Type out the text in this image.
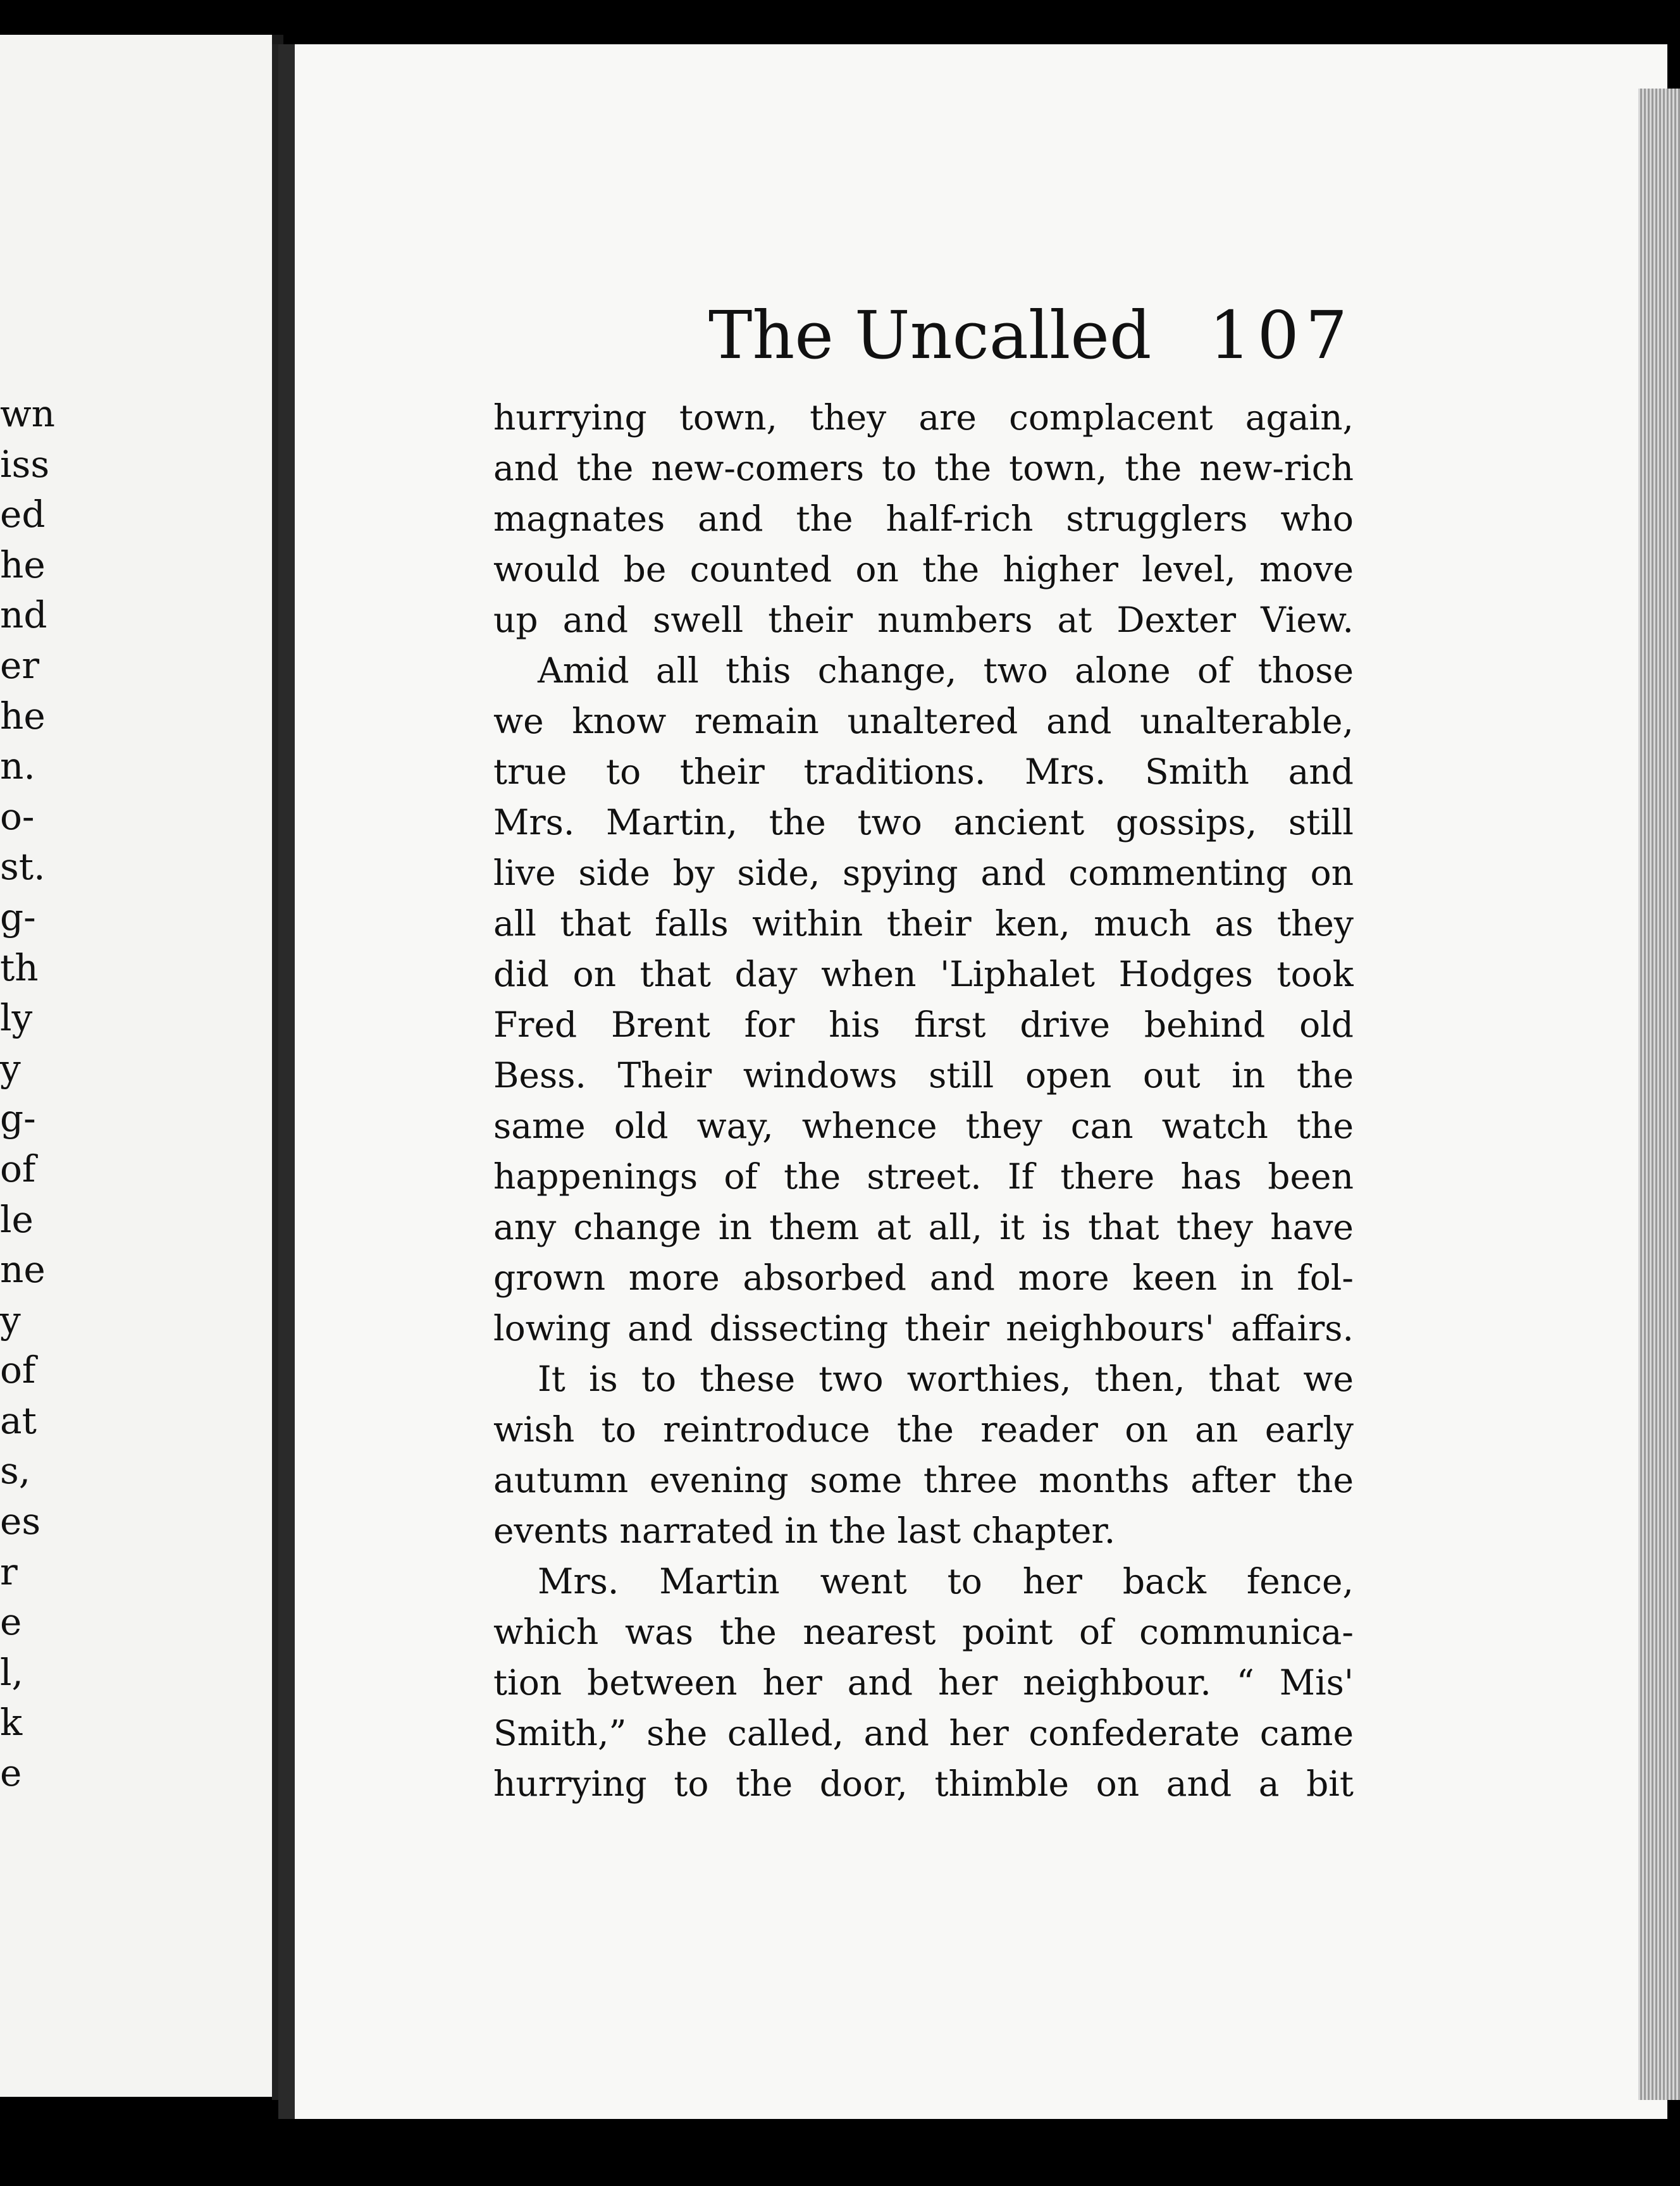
wn
iss
ed
he
nd
er
he
n.
o-
st.
g-
th
ly
y
g-
of
le
ne
y
of
at
s,
es
r
e
l,
k
e
The Uncalled 107
hurrying town, they are complacent again,
and the new-comers to the town, the new-rich
magnates and the half-rich strugglers who
would be counted on the higher level, move
up and swell their numbers at Dexter View.
Amid all this change, two alone of those
we know remain unaltered and unalterable,
true to their traditions. Mrs. Smith and
Mrs. Martin, the two ancient gossips, still
live side by side, spying and commenting on
all that falls within their ken, much as they
did on that day when 'Liphalet Hodges took
Fred Brent for his first drive behind old
Bess. Their windows still open out in the
same old way, whence they can watch the
happenings of the street. If there has been
any change in them at all, it is that they have
grown more absorbed and more keen in fol-
lowing and dissecting their neighbours' affairs.
It is to these two worthies, then, that we
wish to reintroduce the reader on an early
autumn evening some three months after the
events narrated in the last chapter.
Mrs. Martin went to her back fence,
which was the nearest point of communica-
tion between her and her neighbour. “ Mis'
Smith,” she called, and her confederate came
hurrying to the door, thimble on and a bit
